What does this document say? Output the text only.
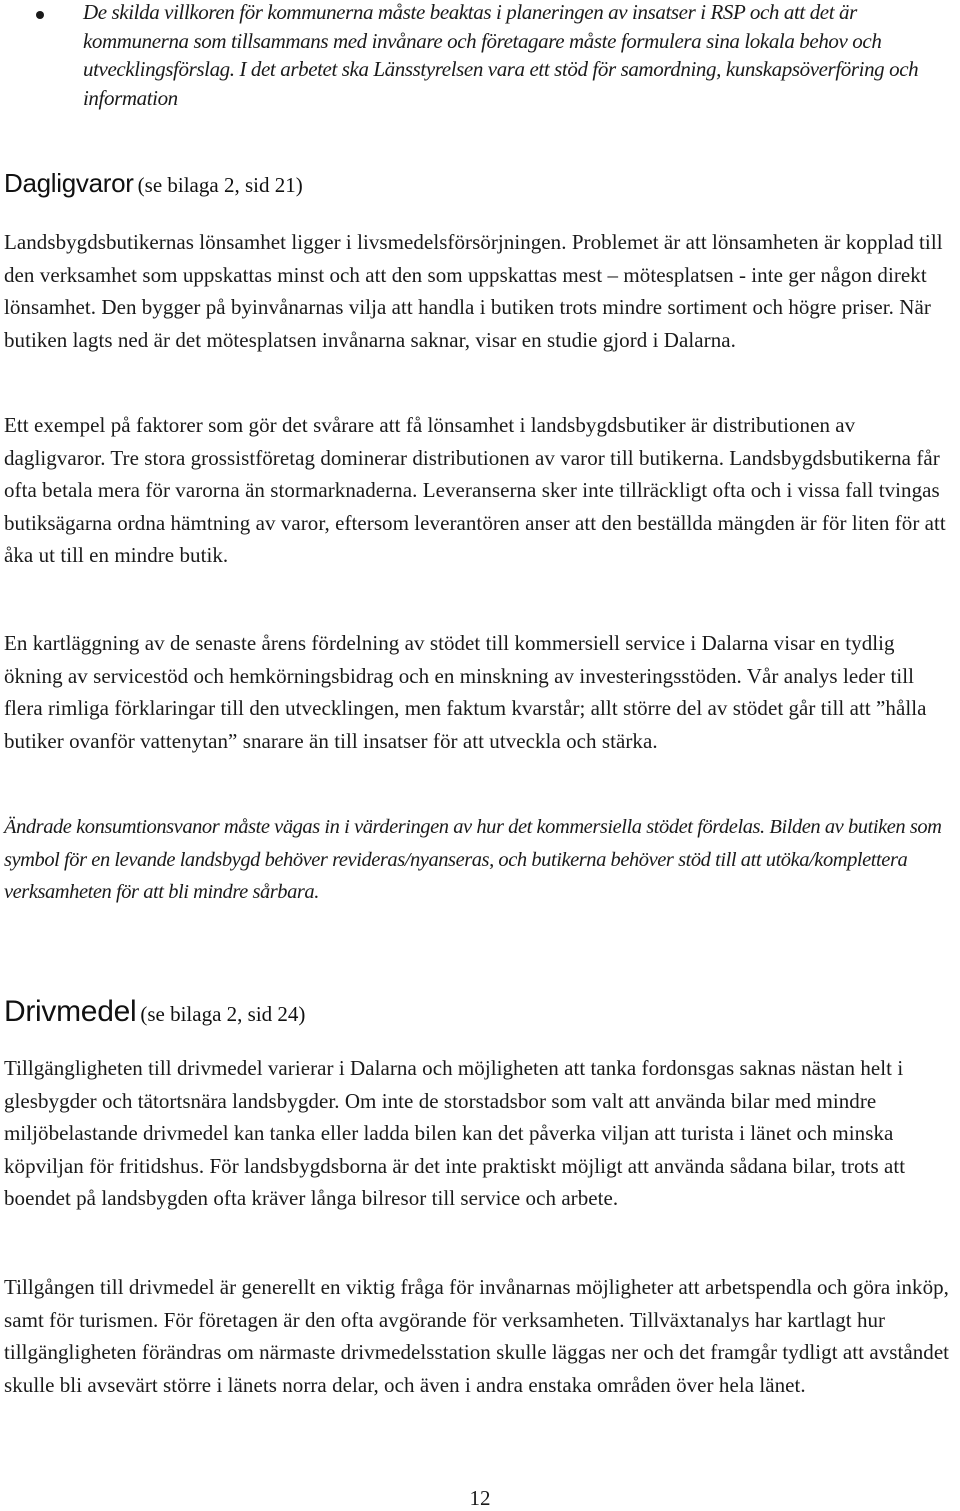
De skilda villkoren för kommunerna måste beaktas i planeringen av insatser i RSP och att det är kommunerna som tillsammans med invånare och företagare måste formulera sina lokala behov och utvecklingsförslag. I det arbetet ska Länsstyrelsen vara ett stöd för samordning, kunskapsöverföring och information
Dagligvaror (se bilaga 2, sid 21)

Landsbygdsbutikernas lönsamhet ligger i livsmedelsförsörjningen. Problemet är att lönsamheten är kopplad till den verksamhet som uppskattas minst och att den som uppskattas mest – mötesplatsen - inte ger någon direkt lönsamhet. Den bygger på byinvånarnas vilja att handla i butiken trots mindre sortiment och högre priser. När butiken lagts ned är det mötesplatsen invånarna saknar, visar en studie gjord i Dalarna.

Ett exempel på faktorer som gör det svårare att få lönsamhet i landsbygdsbutiker är distributionen av dagligvaror. Tre stora grossistföretag dominerar distributionen av varor till butikerna. Landsbygdsbutikerna får ofta betala mera för varorna än stormarknaderna. Leveranserna sker inte tillräckligt ofta och i vissa fall tvingas butiksägarna ordna hämtning av varor, eftersom leverantören anser att den beställda mängden är för liten för att åka ut till en mindre butik.

En kartläggning av de senaste årens fördelning av stödet till kommersiell service i Dalarna visar en tydlig ökning av servicestöd och hemkörningsbidrag och en minskning av investeringsstöden. Vår analys leder till flera rimliga förklaringar till den utvecklingen, men faktum kvarstår; allt större del av stödet går till att ”hålla butiker ovanför vattenytan” snarare än till insatser för att utveckla och stärka.

Ändrade konsumtionsvanor måste vägas in i värderingen av hur det kommersiella stödet fördelas. Bilden av butiken som symbol för en levande landsbygd behöver revideras/nyanseras, och butikerna behöver stöd till att utöka/komplettera verksamheten för att bli mindre sårbara.

Drivmedel (se bilaga 2, sid 24)

Tillgängligheten till drivmedel varierar i Dalarna och möjligheten att tanka fordonsgas saknas nästan helt i glesbygder och tätortsnära landsbygder. Om inte de storstadsbor som valt att använda bilar med mindre miljöbelastande drivmedel kan tanka eller ladda bilen kan det påverka viljan att turista i länet och minska köpviljan för fritidshus. För landsbygdsborna är det inte praktiskt möjligt att använda sådana bilar, trots att boendet på landsbygden ofta kräver långa bilresor till service och arbete.

Tillgången till drivmedel är generellt en viktig fråga för invånarnas möjligheter att arbetspendla och göra inköp, samt för turismen. För företagen är den ofta avgörande för verksamheten. Tillväxtanalys har kartlagt hur tillgängligheten förändras om närmaste drivmedelsstation skulle läggas ner och det framgår tydligt att avståndet skulle bli avsevärt större i länets norra delar, och även i andra enstaka områden över hela länet.

12
